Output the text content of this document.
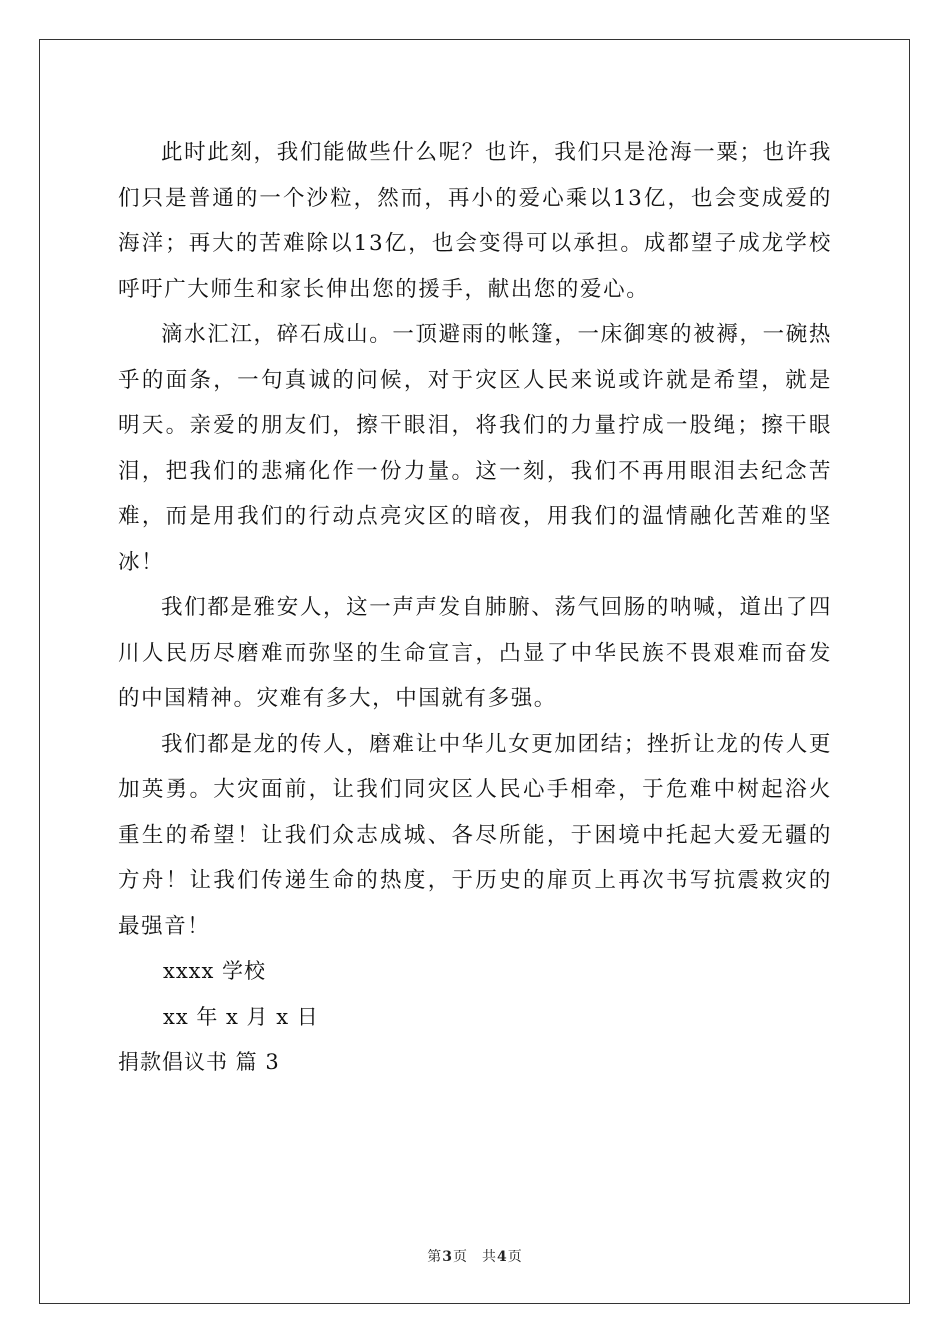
此时此刻，我们能做些什么呢？也许，我们只是沧海一粟；也许我们只是普通的一个沙粒，然而，再小的爱心乘以13亿，也会变成爱的海洋；再大的苦难除以13亿，也会变得可以承担。成都望子成龙学校呼吁广大师生和家长伸出您的援手，献出您的爱心。

滴水汇江，碎石成山。一顶避雨的帐篷，一床御寒的被褥，一碗热乎的面条，一句真诚的问候，对于灾区人民来说或许就是希望，就是明天。亲爱的朋友们，擦干眼泪，将我们的力量拧成一股绳；擦干眼泪，把我们的悲痛化作一份力量。这一刻，我们不再用眼泪去纪念苦难，而是用我们的行动点亮灾区的暗夜，用我们的温情融化苦难的坚冰！

我们都是雅安人，这一声声发自肺腑、荡气回肠的呐喊，道出了四川人民历尽磨难而弥坚的生命宣言，凸显了中华民族不畏艰难而奋发的中国精神。灾难有多大，中国就有多强。

我们都是龙的传人，磨难让中华儿女更加团结；挫折让龙的传人更加英勇。大灾面前，让我们同灾区人民心手相牵，于危难中树起浴火重生的希望！让我们众志成城、各尽所能，于困境中托起大爱无疆的方舟！让我们传递生命的热度，于历史的扉页上再次书写抗震救灾的最强音！

xxxx 学校

xx 年 x 月 x 日

捐款倡议书 篇 3

第3页 共4页
